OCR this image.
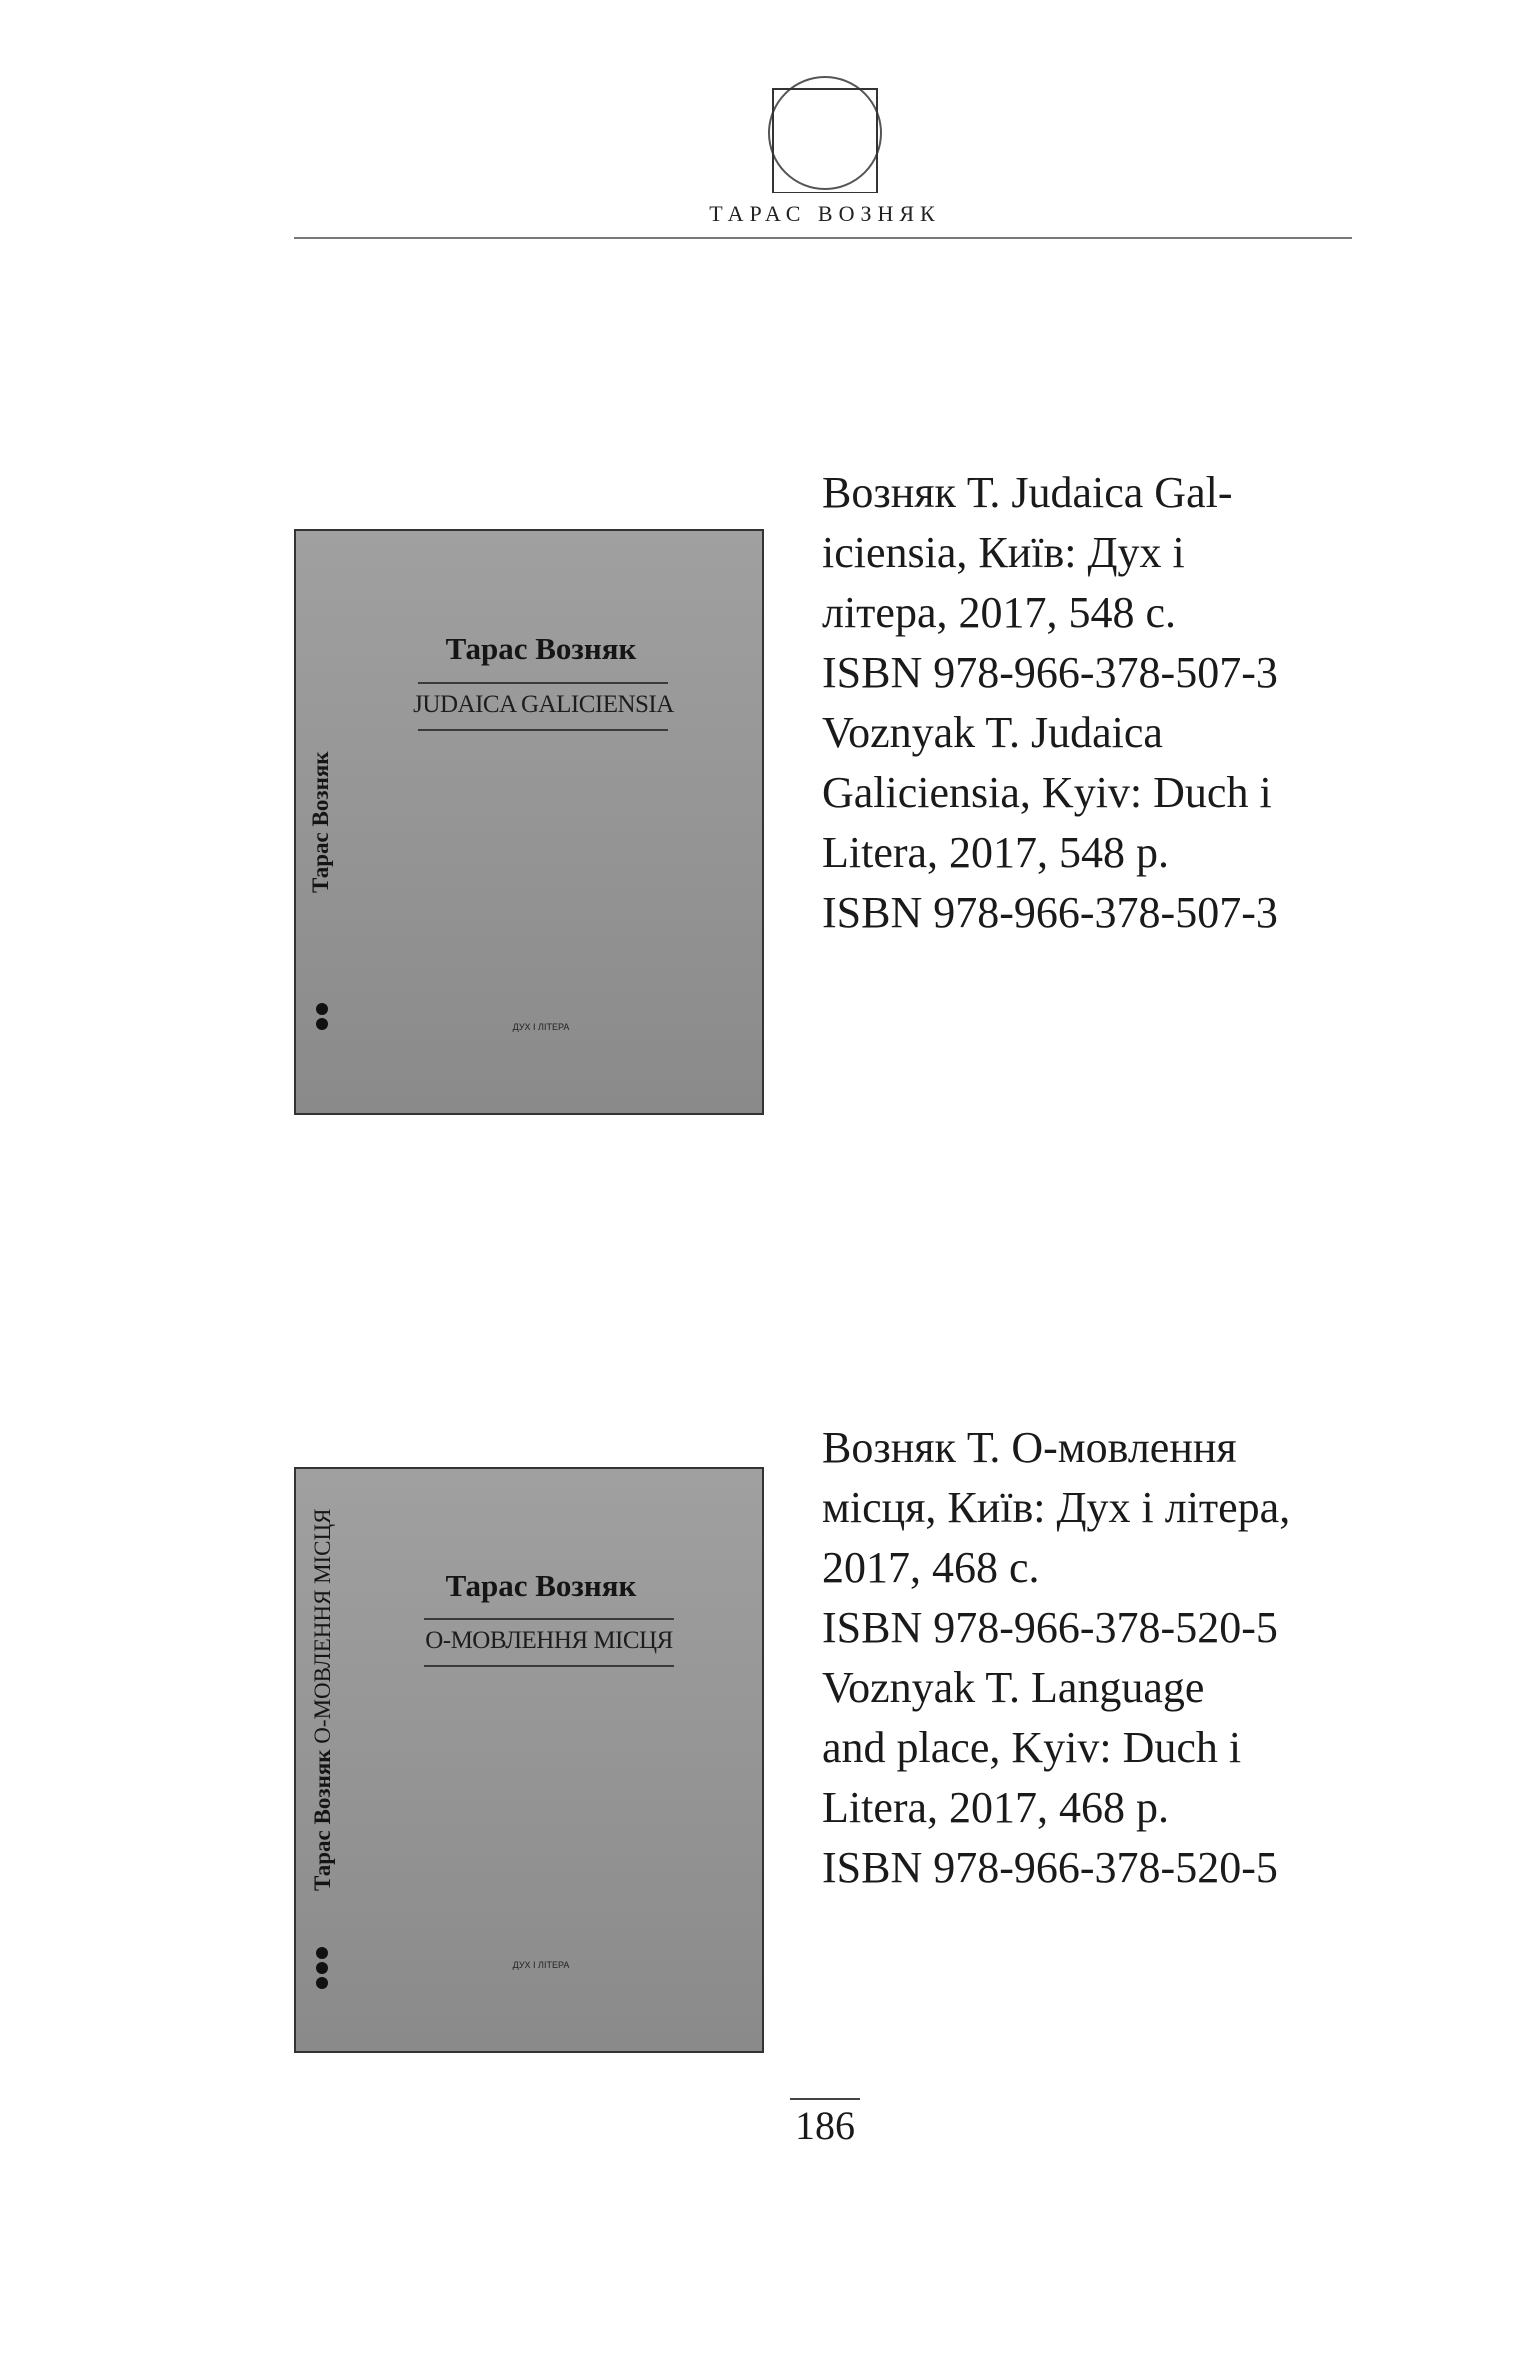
ТАРАС ВОЗНЯК
Тарас Возняк
JUDAICA GALICIENSIA
Тарас Возняк
ДУХ І ЛІТЕРА
Возняк Т. Judaica Gal-
iciensia, Київ: Дух і
літера, 2017, 548 с.
ISBN 978-966-378-507-3
Voznyak T. Judaica
Galiciensia, Kyiv: Duch i
Litera, 2017, 548 p.
ISBN 978-966-378-507-3
Тарас Возняк
О-МОВЛЕННЯ МІСЦЯ
Тарас Возняк О-МОВЛЕННЯ МІСЦЯ
ДУХ І ЛІТЕРА
Возняк Т. О-мовлення
місця, Київ: Дух і літера,
2017, 468 с.
ISBN 978-966-378-520-5
Voznyak T. Language
and place, Kyiv: Duch i
Litera, 2017, 468 p.
ISBN 978-966-378-520-5
186
